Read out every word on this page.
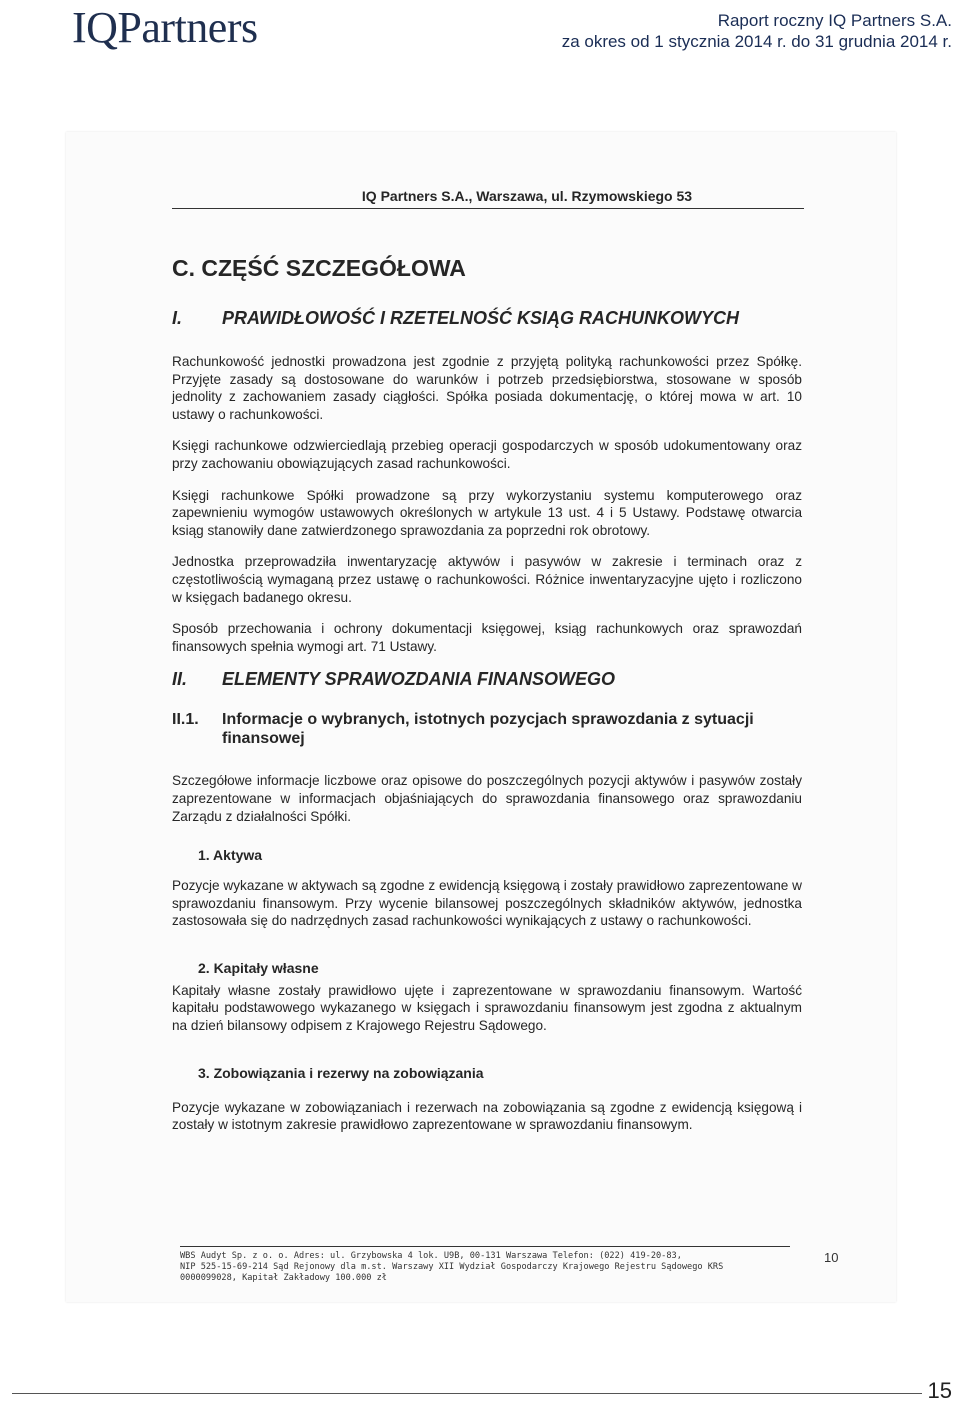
IQPartners	Raport roczny IQ Partners S.A.
za okres od 1 stycznia 2014 r. do 31 grudnia 2014 r.
IQ Partners S.A., Warszawa, ul. Rzymowskiego 53
C. CZĘŚĆ SZCZEGÓŁOWA
I.	PRAWIDŁOWOŚĆ I RZETELNOŚĆ KSIĄG RACHUNKOWYCH

Rachunkowość jednostki prowadzona jest zgodnie z przyjętą polityką rachunkowości przez Spółkę. Przyjęte zasady są dostosowane do warunków i potrzeb przedsiębiorstwa, stosowane w sposób jednolity z zachowaniem zasady ciągłości. Spółka posiada dokumentację, o której mowa w art. 10 ustawy o rachunkowości.

Księgi rachunkowe odzwierciedlają przebieg operacji gospodarczych w sposób udokumentowany oraz przy zachowaniu obowiązujących zasad rachunkowości.

Księgi rachunkowe Spółki prowadzone są przy wykorzystaniu systemu komputerowego oraz zapewnieniu wymogów ustawowych określonych w artykule 13 ust. 4 i 5 Ustawy. Podstawę otwarcia ksiąg stanowiły dane zatwierdzonego sprawozdania za poprzedni rok obrotowy.

Jednostka przeprowadziła inwentaryzację aktywów i pasywów w zakresie i terminach oraz z częstotliwością wymaganą przez ustawę o rachunkowości. Różnice inwentaryzacyjne ujęto i rozliczono w księgach badanego okresu.

Sposób przechowania i ochrony dokumentacji księgowej, ksiąg rachunkowych oraz sprawozdań finansowych spełnia wymogi art. 71 Ustawy.

II.	ELEMENTY SPRAWOZDANIA FINANSOWEGO
II.1.	Informacje o wybranych, istotnych pozycjach sprawozdania z sytuacji finansowej

Szczegółowe informacje liczbowe oraz opisowe do poszczególnych pozycji aktywów i pasywów zostały zaprezentowane w informacjach objaśniających do sprawozdania finansowego oraz sprawozdaniu Zarządu z działalności Spółki.

1. Aktywa

Pozycje wykazane w aktywach są zgodne z ewidencją księgową i zostały prawidłowo zaprezentowane w sprawozdaniu finansowym. Przy wycenie bilansowej poszczególnych składników aktywów, jednostka zastosowała się do nadrzędnych zasad rachunkowości wynikających z ustawy o rachunkowości.

2. Kapitały własne

Kapitały własne zostały prawidłowo ujęte i zaprezentowane w sprawozdaniu finansowym. Wartość kapitału podstawowego wykazanego w księgach i sprawozdaniu finansowym jest zgodna z aktualnym na dzień bilansowy odpisem z Krajowego Rejestru Sądowego.

3. Zobowiązania i rezerwy na zobowiązania

Pozycje wykazane w zobowiązaniach i rezerwach na zobowiązania są zgodne z ewidencją księgową i zostały w istotnym zakresie prawidłowo zaprezentowane w sprawozdaniu finansowym.

WBS Audyt Sp. z o. o. Adres: ul. Grzybowska 4 lok. U9B, 00-131 Warszawa Telefon: (022) 419-20-83,
NIP 525-15-69-214 Sąd Rejonowy dla m.st. Warszawy XII Wydział Gospodarczy Krajowego Rejestru Sądowego KRS
0000099028, Kapitał Zakładowy 100.000 zł
10
15
